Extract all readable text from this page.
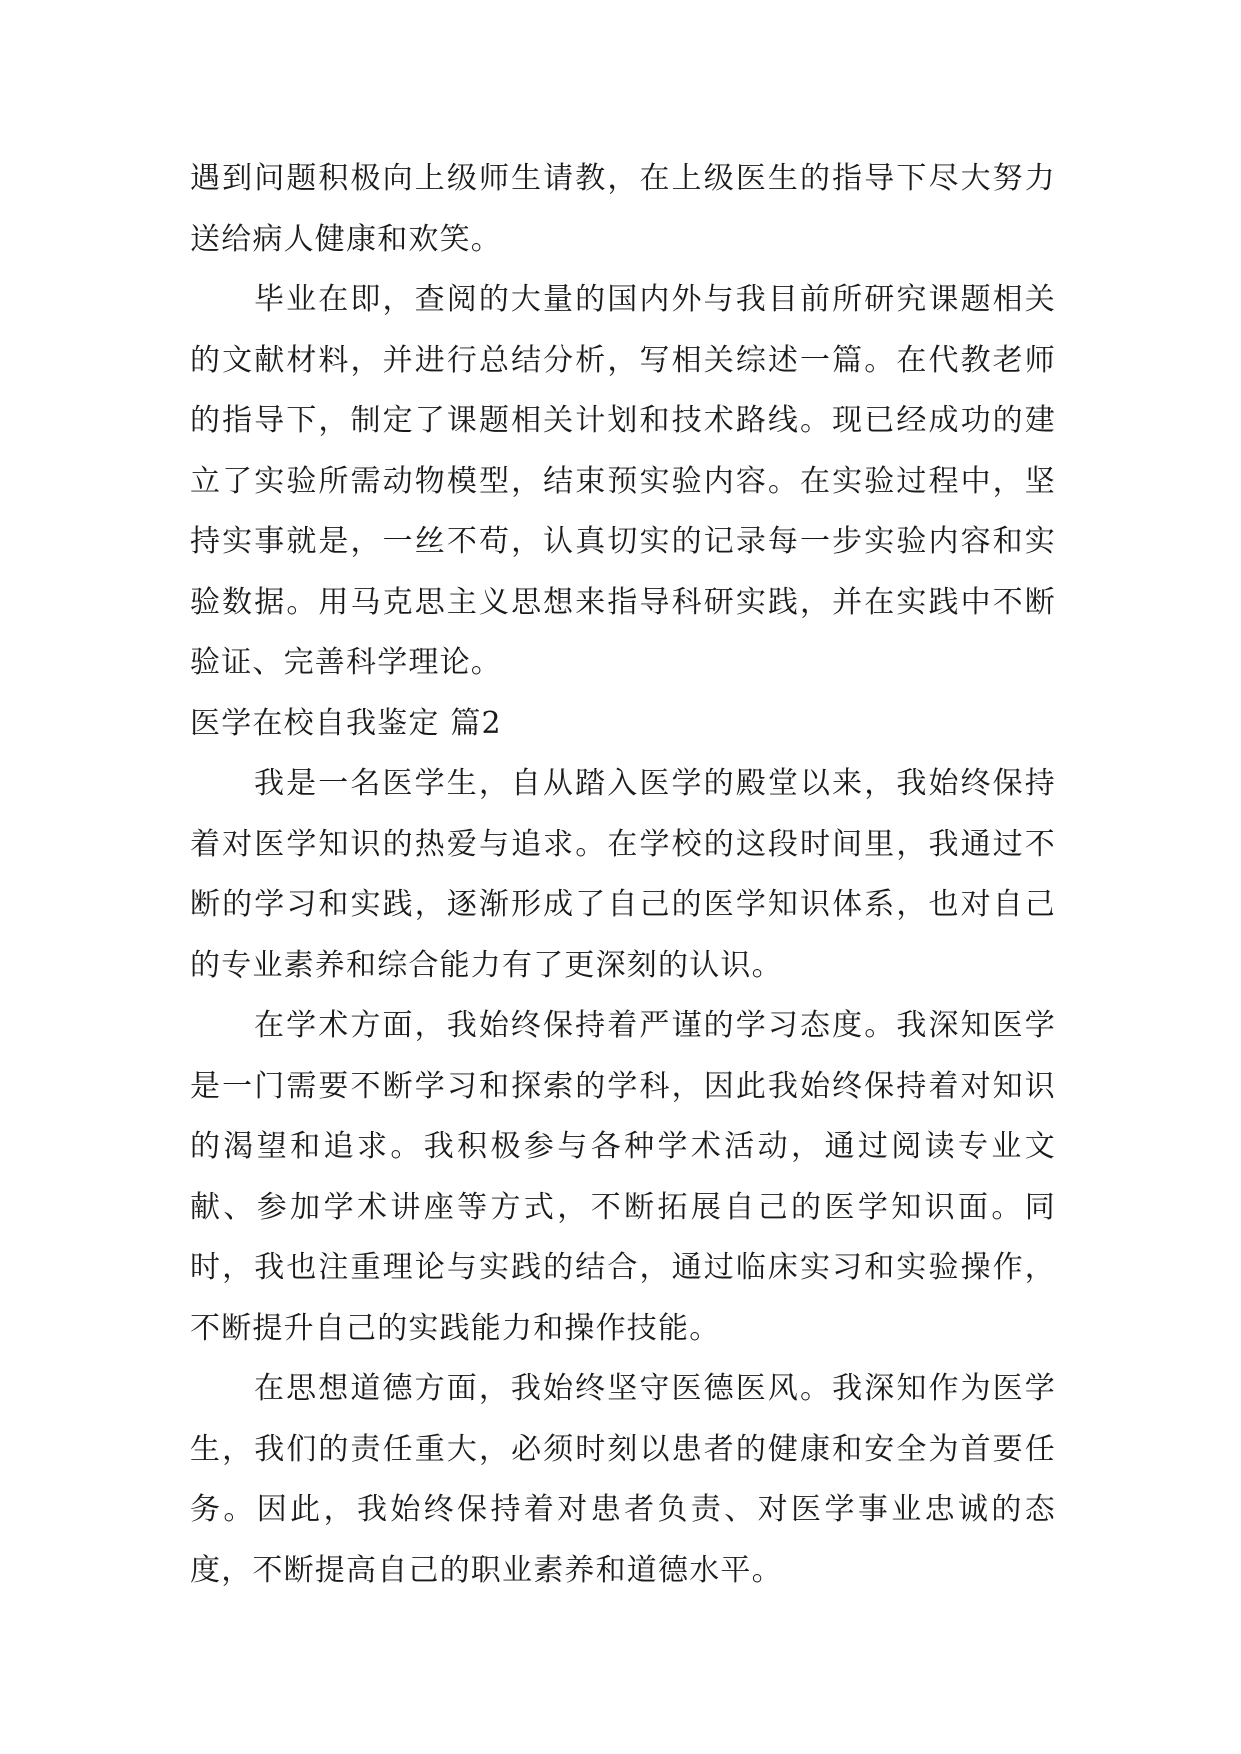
遇到问题积极向上级师生请教，在上级医生的指导下尽大努力送给病人健康和欢笑。

毕业在即，查阅的大量的国内外与我目前所研究课题相关的文献材料，并进行总结分析，写相关综述一篇。在代教老师的指导下，制定了课题相关计划和技术路线。现已经成功的建立了实验所需动物模型，结束预实验内容。在实验过程中，坚持实事就是，一丝不苟，认真切实的记录每一步实验内容和实验数据。用马克思主义思想来指导科研实践，并在实践中不断验证、完善科学理论。

医学在校自我鉴定 篇2

我是一名医学生，自从踏入医学的殿堂以来，我始终保持着对医学知识的热爱与追求。在学校的这段时间里，我通过不断的学习和实践，逐渐形成了自己的医学知识体系，也对自己的专业素养和综合能力有了更深刻的认识。

在学术方面，我始终保持着严谨的学习态度。我深知医学是一门需要不断学习和探索的学科，因此我始终保持着对知识的渴望和追求。我积极参与各种学术活动，通过阅读专业文献、参加学术讲座等方式，不断拓展自己的医学知识面。同时，我也注重理论与实践的结合，通过临床实习和实验操作，不断提升自己的实践能力和操作技能。

在思想道德方面，我始终坚守医德医风。我深知作为医学生，我们的责任重大，必须时刻以患者的健康和安全为首要任务。因此，我始终保持着对患者负责、对医学事业忠诚的态度，不断提高自己的职业素养和道德水平。
